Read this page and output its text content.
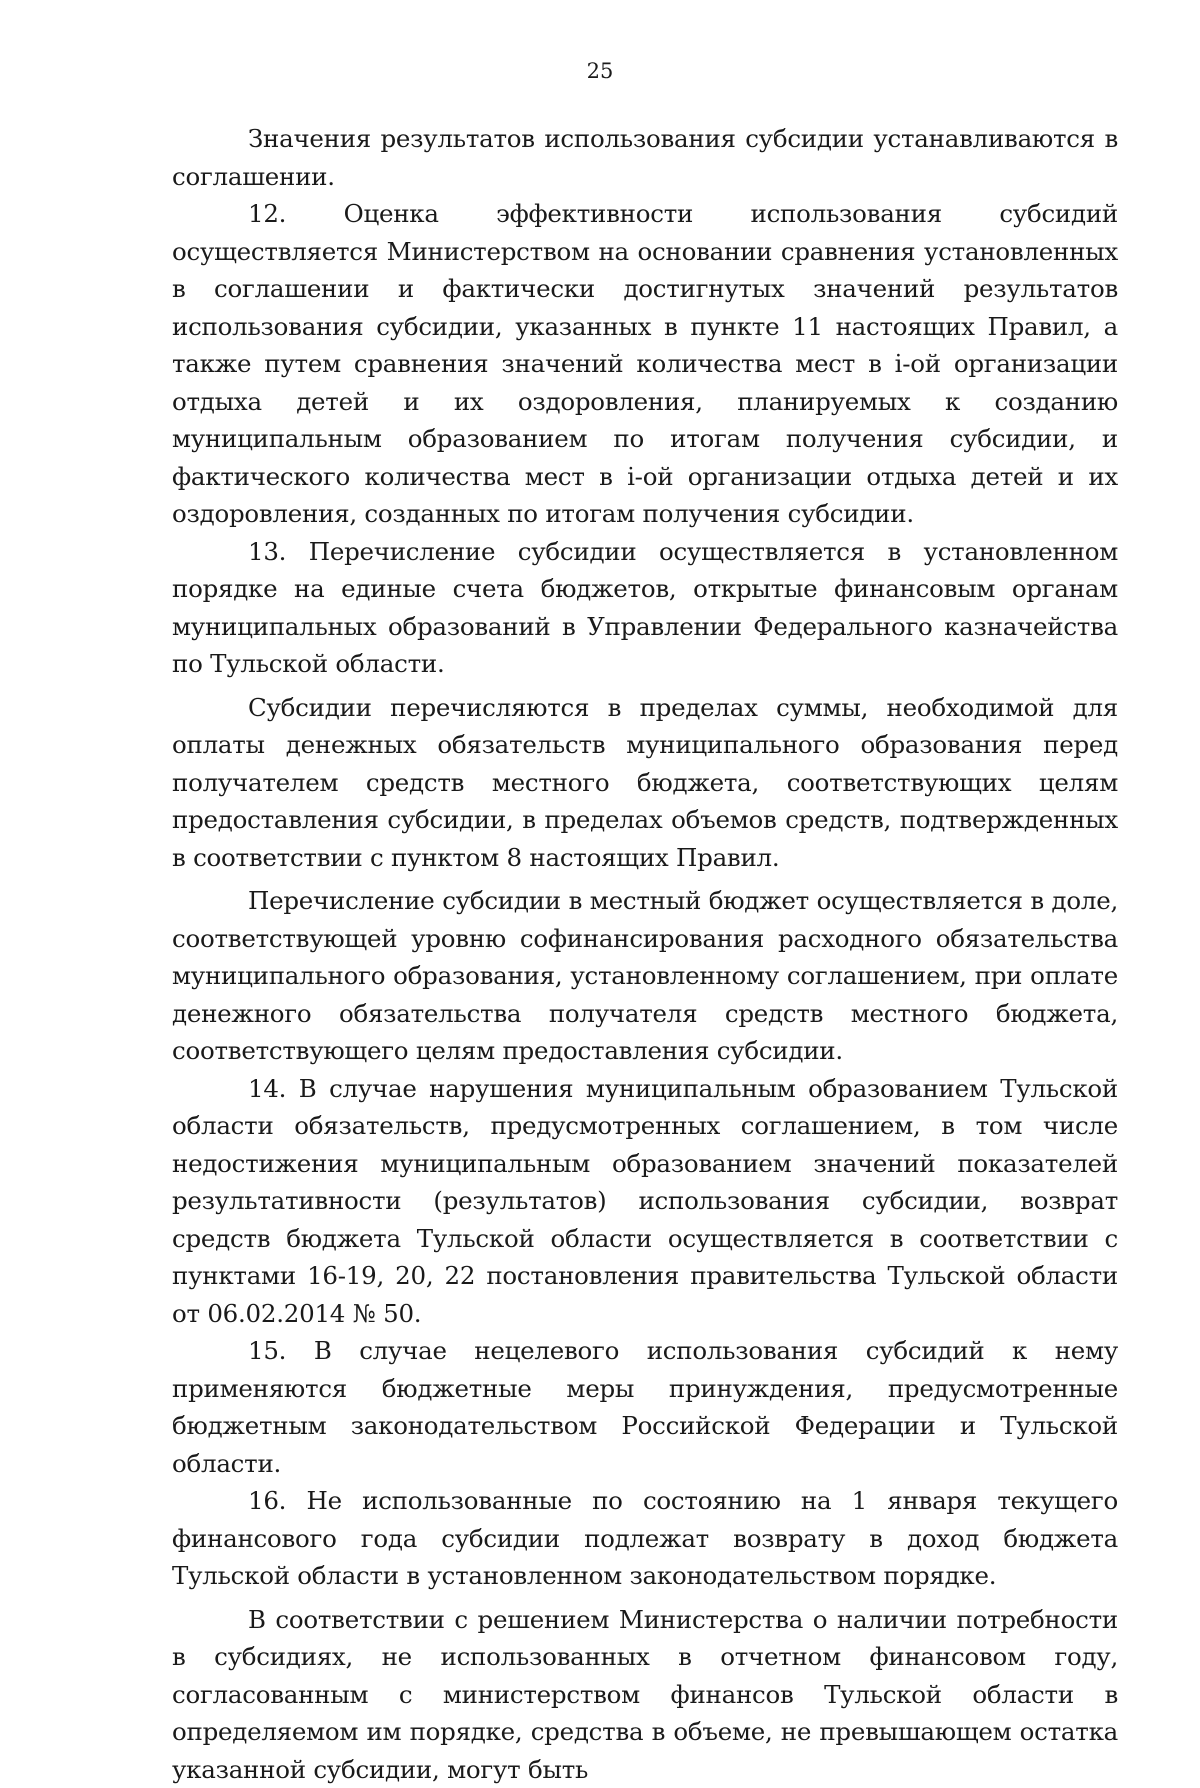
25

Значения результатов использования субсидии устанавливаются в соглашении.

12. Оценка эффективности использования субсидий осуществляется Министерством на основании сравнения установленных в соглашении и фактически достигнутых значений результатов использования субсидии, указанных в пункте 11 настоящих Правил, а также путем сравнения значений количества мест в i-ой организации отдыха детей и их оздоровления, планируемых к созданию муниципальным образованием по итогам получения субсидии, и фактического количества мест в i-ой организации отдыха детей и их оздоровления, созданных по итогам получения субсидии.

13. Перечисление субсидии осуществляется в установленном порядке на единые счета бюджетов, открытые финансовым органам муниципальных образований в Управлении Федерального казначейства по Тульской области.

Субсидии перечисляются в пределах суммы, необходимой для оплаты денежных обязательств муниципального образования перед получателем средств местного бюджета, соответствующих целям предоставления субсидии, в пределах объемов средств, подтвержденных в соответствии с пунктом 8 настоящих Правил.

Перечисление субсидии в местный бюджет осуществляется в доле, соответствующей уровню софинансирования расходного обязательства муниципального образования, установленному соглашением, при оплате денежного обязательства получателя средств местного бюджета, соответствующего целям предоставления субсидии.

14. В случае нарушения муниципальным образованием Тульской области обязательств, предусмотренных соглашением, в том числе недостижения муниципальным образованием значений показателей результативности (результатов) использования субсидии, возврат средств бюджета Тульской области осуществляется в соответствии с пунктами 16-19, 20, 22 постановления правительства Тульской области от 06.02.2014 № 50.

15. В случае нецелевого использования субсидий к нему применяются бюджетные меры принуждения, предусмотренные бюджетным законодательством Российской Федерации и Тульской области.

16. Не использованные по состоянию на 1 января текущего финансового года субсидии подлежат возврату в доход бюджета Тульской области в установленном законодательством порядке.

В соответствии с решением Министерства о наличии потребности в субсидиях, не использованных в отчетном финансовом году, согласованным с министерством финансов Тульской области в определяемом им порядке, средства в объеме, не превышающем остатка указанной субсидии, могут быть
